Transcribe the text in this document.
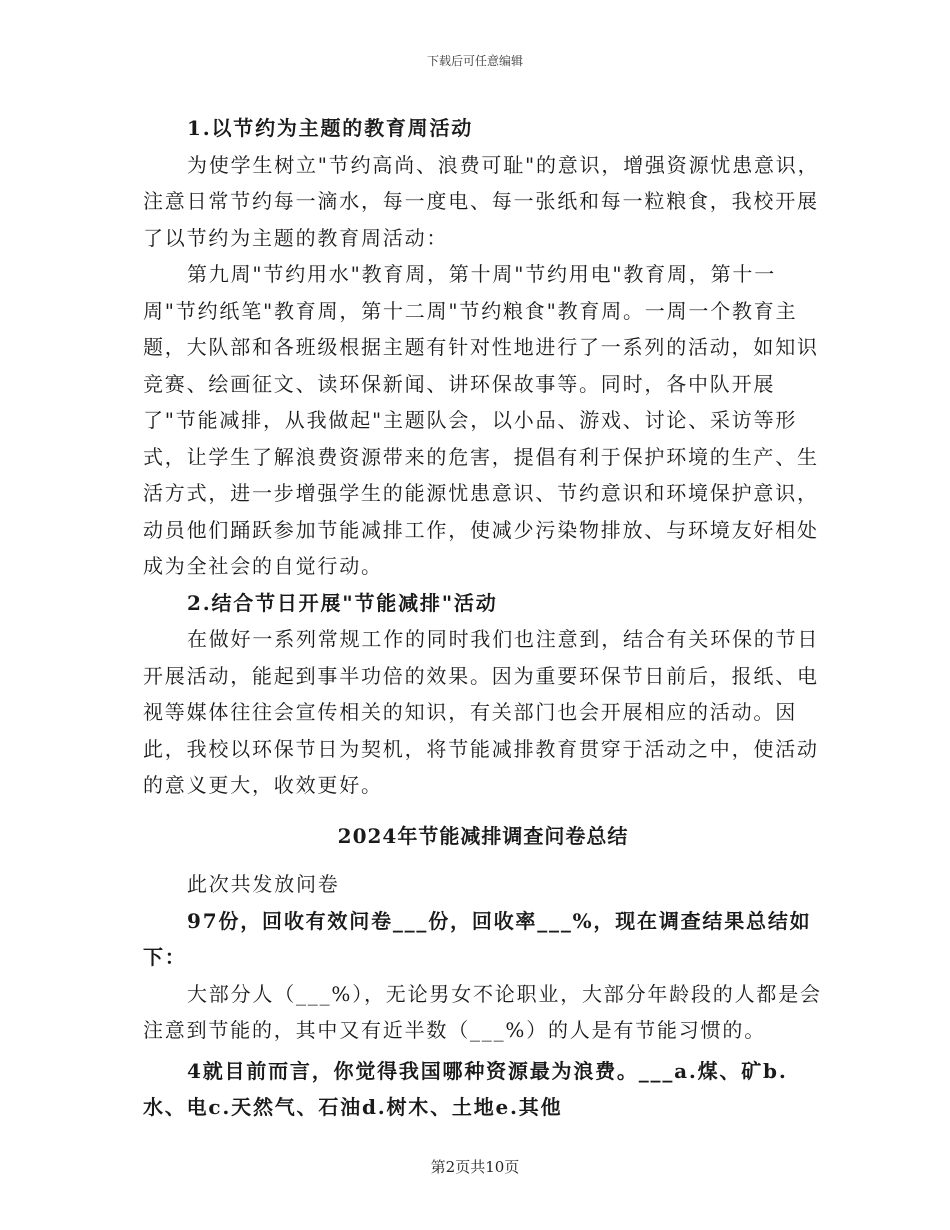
下载后可任意编辑

1.以节约为主题的教育周活动

为使学生树立"节约高尚、浪费可耻"的意识，增强资源忧患意识，注意日常节约每一滴水，每一度电、每一张纸和每一粒粮食，我校开展了以节约为主题的教育周活动：

第九周"节约用水"教育周，第十周"节约用电"教育周，第十一周"节约纸笔"教育周，第十二周"节约粮食"教育周。一周一个教育主题，大队部和各班级根据主题有针对性地进行了一系列的活动，如知识竞赛、绘画征文、读环保新闻、讲环保故事等。同时，各中队开展了"节能减排，从我做起"主题队会，以小品、游戏、讨论、采访等形式，让学生了解浪费资源带来的危害，提倡有利于保护环境的生产、生活方式，进一步增强学生的能源忧患意识、节约意识和环境保护意识，动员他们踊跃参加节能减排工作，使减少污染物排放、与环境友好相处成为全社会的自觉行动。

2.结合节日开展"节能减排"活动

在做好一系列常规工作的同时我们也注意到，结合有关环保的节日开展活动，能起到事半功倍的效果。因为重要环保节日前后，报纸、电视等媒体往往会宣传相关的知识，有关部门也会开展相应的活动。因此，我校以环保节日为契机，将节能减排教育贯穿于活动之中，使活动的意义更大，收效更好。

2024年节能减排调查问卷总结

此次共发放问卷

97份，回收有效问卷___份，回收率___%，现在调查结果总结如下：

大部分人（___%），无论男女不论职业，大部分年龄段的人都是会注意到节能的，其中又有近半数（___%）的人是有节能习惯的。

4就目前而言，你觉得我国哪种资源最为浪费。___a.煤、矿b.水、电c.天然气、石油d.树木、土地e.其他

第2页共10页
